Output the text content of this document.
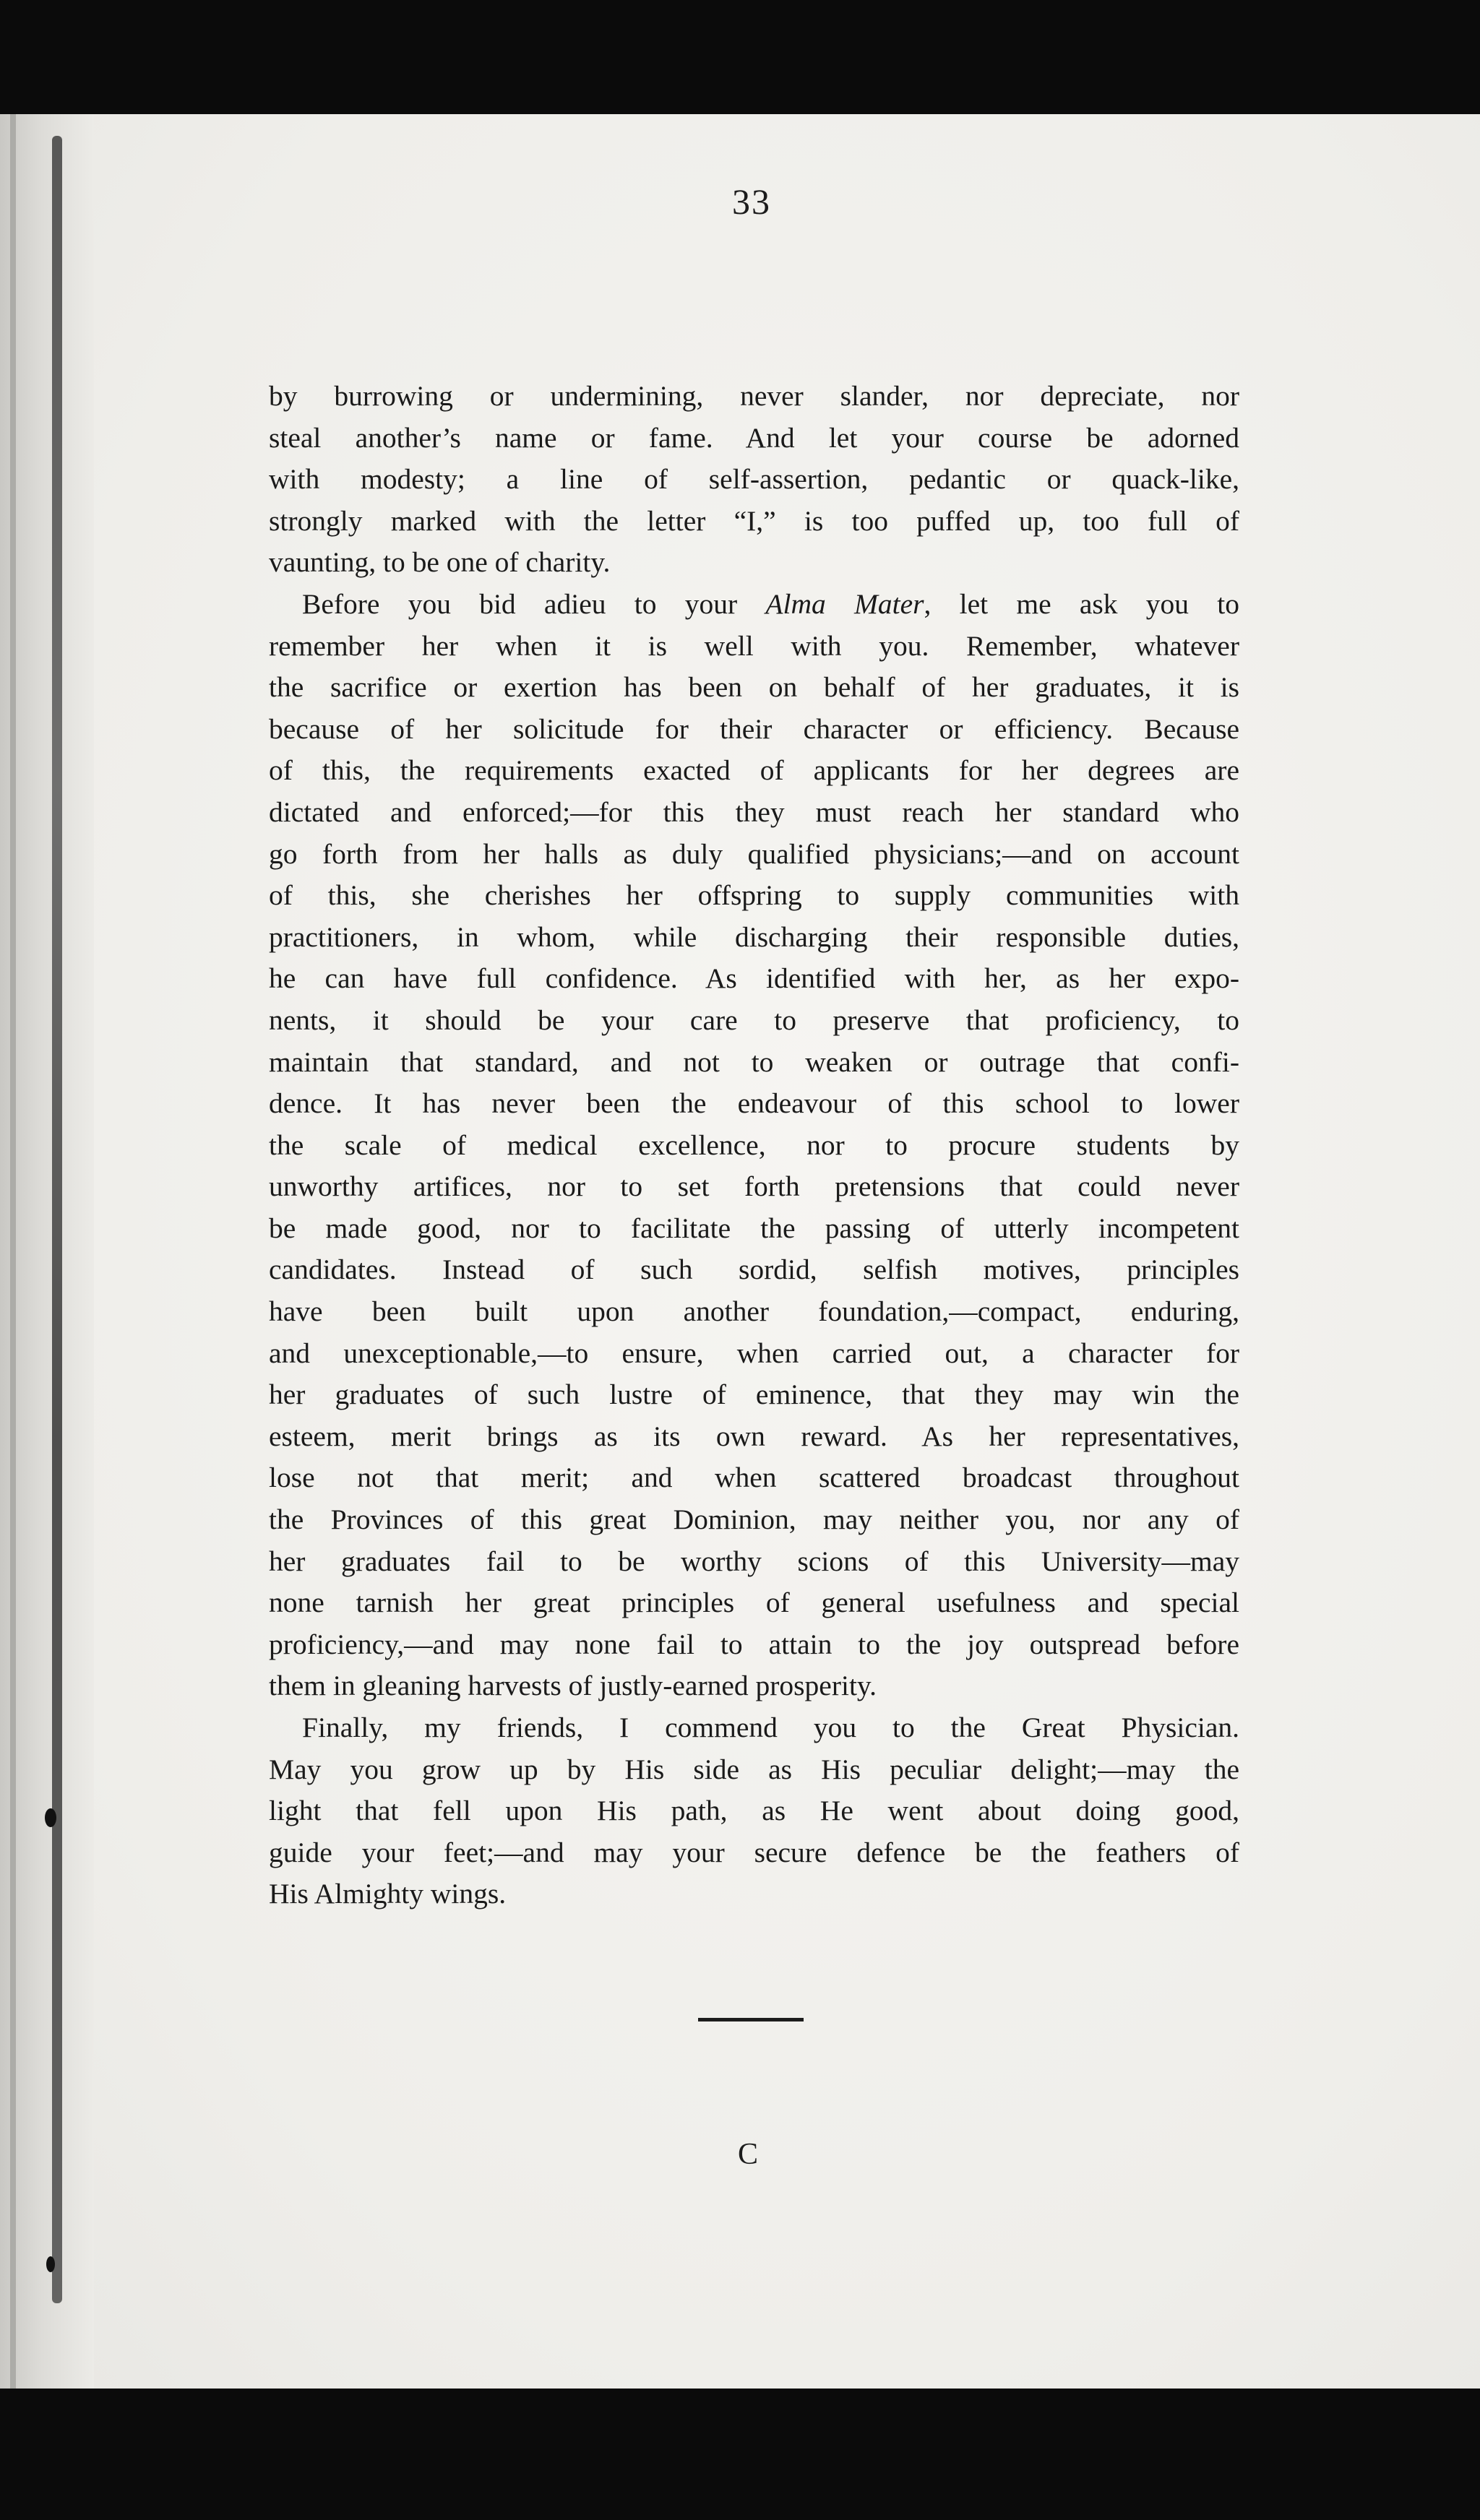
33
by burrowing or undermining, never slander, nor depreciate, nor
steal another’s name or fame. And let your course be adorned
with modesty; a line of self-assertion, pedantic or quack-like,
strongly marked with the letter “I,” is too puffed up, too full of
vaunting, to be one of charity.
Before you bid adieu to your Alma Mater, let me ask you to
remember her when it is well with you. Remember, whatever
the sacrifice or exertion has been on behalf of her graduates, it is
because of her solicitude for their character or efficiency. Because
of this, the requirements exacted of applicants for her degrees are
dictated and enforced;—for this they must reach her standard who
go forth from her halls as duly qualified physicians;—and on account
of this, she cherishes her offspring to supply communities with
practitioners, in whom, while discharging their responsible duties,
he can have full confidence. As identified with her, as her expo-
nents, it should be your care to preserve that proficiency, to
maintain that standard, and not to weaken or outrage that confi-
dence. It has never been the endeavour of this school to lower
the scale of medical excellence, nor to procure students by
unworthy artifices, nor to set forth pretensions that could never
be made good, nor to facilitate the passing of utterly incompetent
candidates. Instead of such sordid, selfish motives, principles
have been built upon another foundation,—compact, enduring,
and unexceptionable,—to ensure, when carried out, a character for
her graduates of such lustre of eminence, that they may win the
esteem, merit brings as its own reward. As her representatives,
lose not that merit; and when scattered broadcast throughout
the Provinces of this great Dominion, may neither you, nor any of
her graduates fail to be worthy scions of this University—may
none tarnish her great principles of general usefulness and special
proficiency,—and may none fail to attain to the joy outspread before
them in gleaning harvests of justly-earned prosperity.
Finally, my friends, I commend you to the Great Physician.
May you grow up by His side as His peculiar delight;—may the
light that fell upon His path, as He went about doing good,
guide your feet;—and may your secure defence be the feathers of
His Almighty wings.
C
